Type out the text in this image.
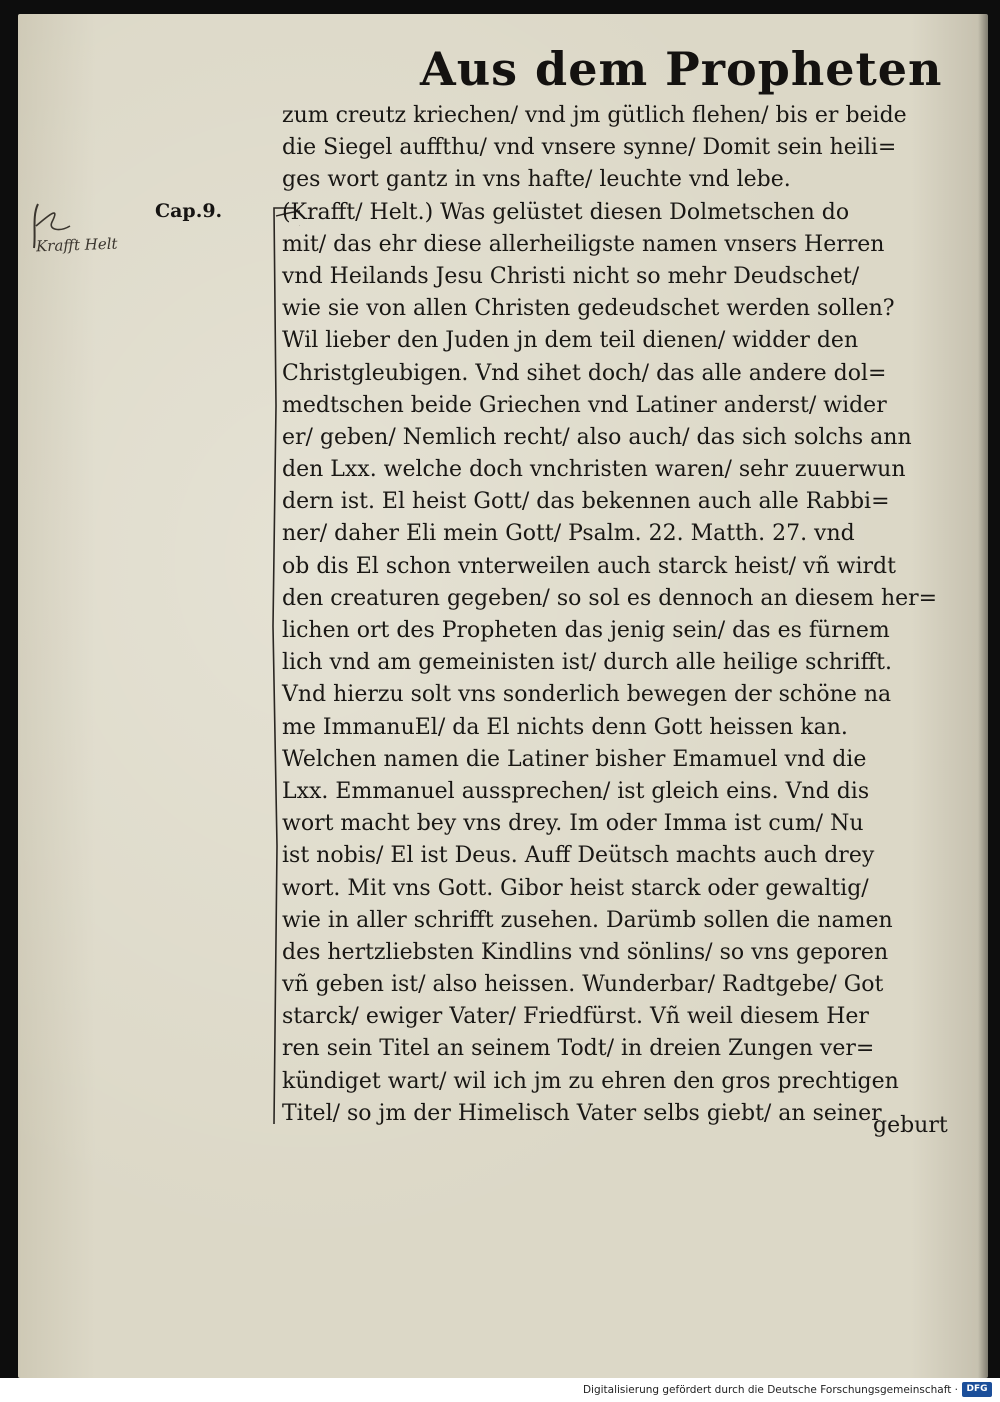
Aus dem Propheten
Cap.9.
Krafft Helt
zum creutz kriechen/ vnd jm gütlich flehen/ bis er beide
die Siegel auffthu/ vnd vnsere synne/ Domit sein heili=
ges wort gantz in vns hafte/ leuchte vnd lebe.
(Krafft/ Helt.) Was gelüstet diesen Dolmetschen do
mit/ das ehr diese allerheiligste namen vnsers Herren
vnd Heilands Jesu Christi nicht so mehr Deudschet/
wie sie von allen Christen gedeudschet werden sollen?
Wil lieber den Juden jn dem teil dienen/ widder den
Christgleubigen. Vnd sihet doch/ das alle andere dol=
medtschen beide Griechen vnd Latiner anderst/ wider
er/ geben/ Nemlich recht/ also auch/ das sich solchs ann
den Lxx. welche doch vnchristen waren/ sehr zuuerwun
dern ist. El heist Gott/ das bekennen auch alle Rabbi=
ner/ daher Eli mein Gott/ Psalm. 22. Matth. 27. vnd
ob dis El schon vnterweilen auch starck heist/ vñ wirdt
den creaturen gegeben/ so sol es dennoch an diesem her=
lichen ort des Propheten das jenig sein/ das es fürnem
lich vnd am gemeinisten ist/ durch alle heilige schrifft.
Vnd hierzu solt vns sonderlich bewegen der schöne na
me ImmanuEl/ da El nichts denn Gott heissen kan.
Welchen namen die Latiner bisher Emamuel vnd die
Lxx. Emmanuel aussprechen/ ist gleich eins. Vnd dis
wort macht bey vns drey. Im oder Imma ist cum/ Nu
ist nobis/ El ist Deus. Auff Deütsch machts auch drey
wort. Mit vns Gott. Gibor heist starck oder gewaltig/
wie in aller schrifft zusehen. Darümb sollen die namen
des hertzliebsten Kindlins vnd sönlins/ so vns geporen
vñ geben ist/ also heissen. Wunderbar/ Radtgebe/ Got
starck/ ewiger Vater/ Friedfürst. Vñ weil diesem Her
ren sein Titel an seinem Todt/ in dreien Zungen ver=
kündiget wart/ wil ich jm zu ehren den gros prechtigen
Titel/ so jm der Himelisch Vater selbs giebt/ an seiner
geburt
Digitalisierung gefördert durch die Deutsche Forschungsgemeinschaft · DFG
